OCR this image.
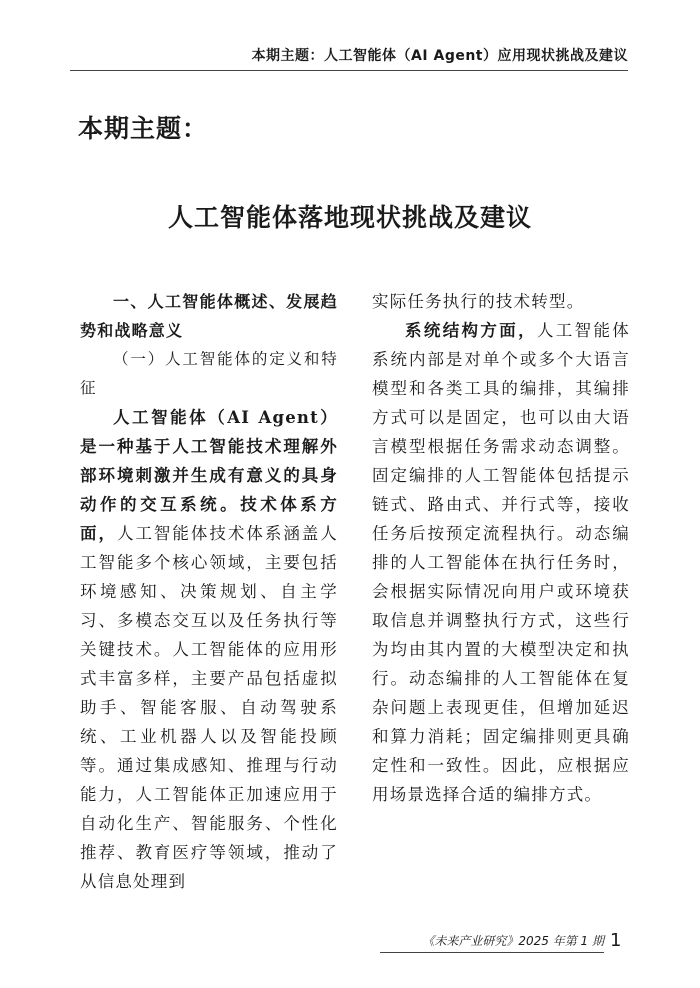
本期主题：人工智能体（AI Agent）应用现状挑战及建议
本期主题：
人工智能体落地现状挑战及建议

一、人工智能体概述、发展趋势和战略意义

（一）人工智能体的定义和特征

人工智能体（AI Agent）是一种基于人工智能技术理解外部环境刺激并生成有意义的具身动作的交互系统。技术体系方面，人工智能体技术体系涵盖人工智能多个核心领域，主要包括环境感知、决策规划、自主学习、多模态交互以及任务执行等关键技术。人工智能体的应用形式丰富多样，主要产品包括虚拟助手、智能客服、自动驾驶系统、工业机器人以及智能投顾等。通过集成感知、推理与行动能力，人工智能体正加速应用于自动化生产、智能服务、个性化推荐、教育医疗等领域，推动了从信息处理到

实际任务执行的技术转型。

系统结构方面，人工智能体系统内部是对单个或多个大语言模型和各类工具的编排，其编排方式可以是固定，也可以由大语言模型根据任务需求动态调整。固定编排的人工智能体包括提示链式、路由式、并行式等，接收任务后按预定流程执行。动态编排的人工智能体在执行任务时，会根据实际情况向用户或环境获取信息并调整执行方式，这些行为均由其内置的大模型决定和执行。动态编排的人工智能体在复杂问题上表现更佳，但增加延迟和算力消耗；固定编排则更具确定性和一致性。因此，应根据应用场景选择合适的编排方式。

《未来产业研究》2025 年第 1 期 1
